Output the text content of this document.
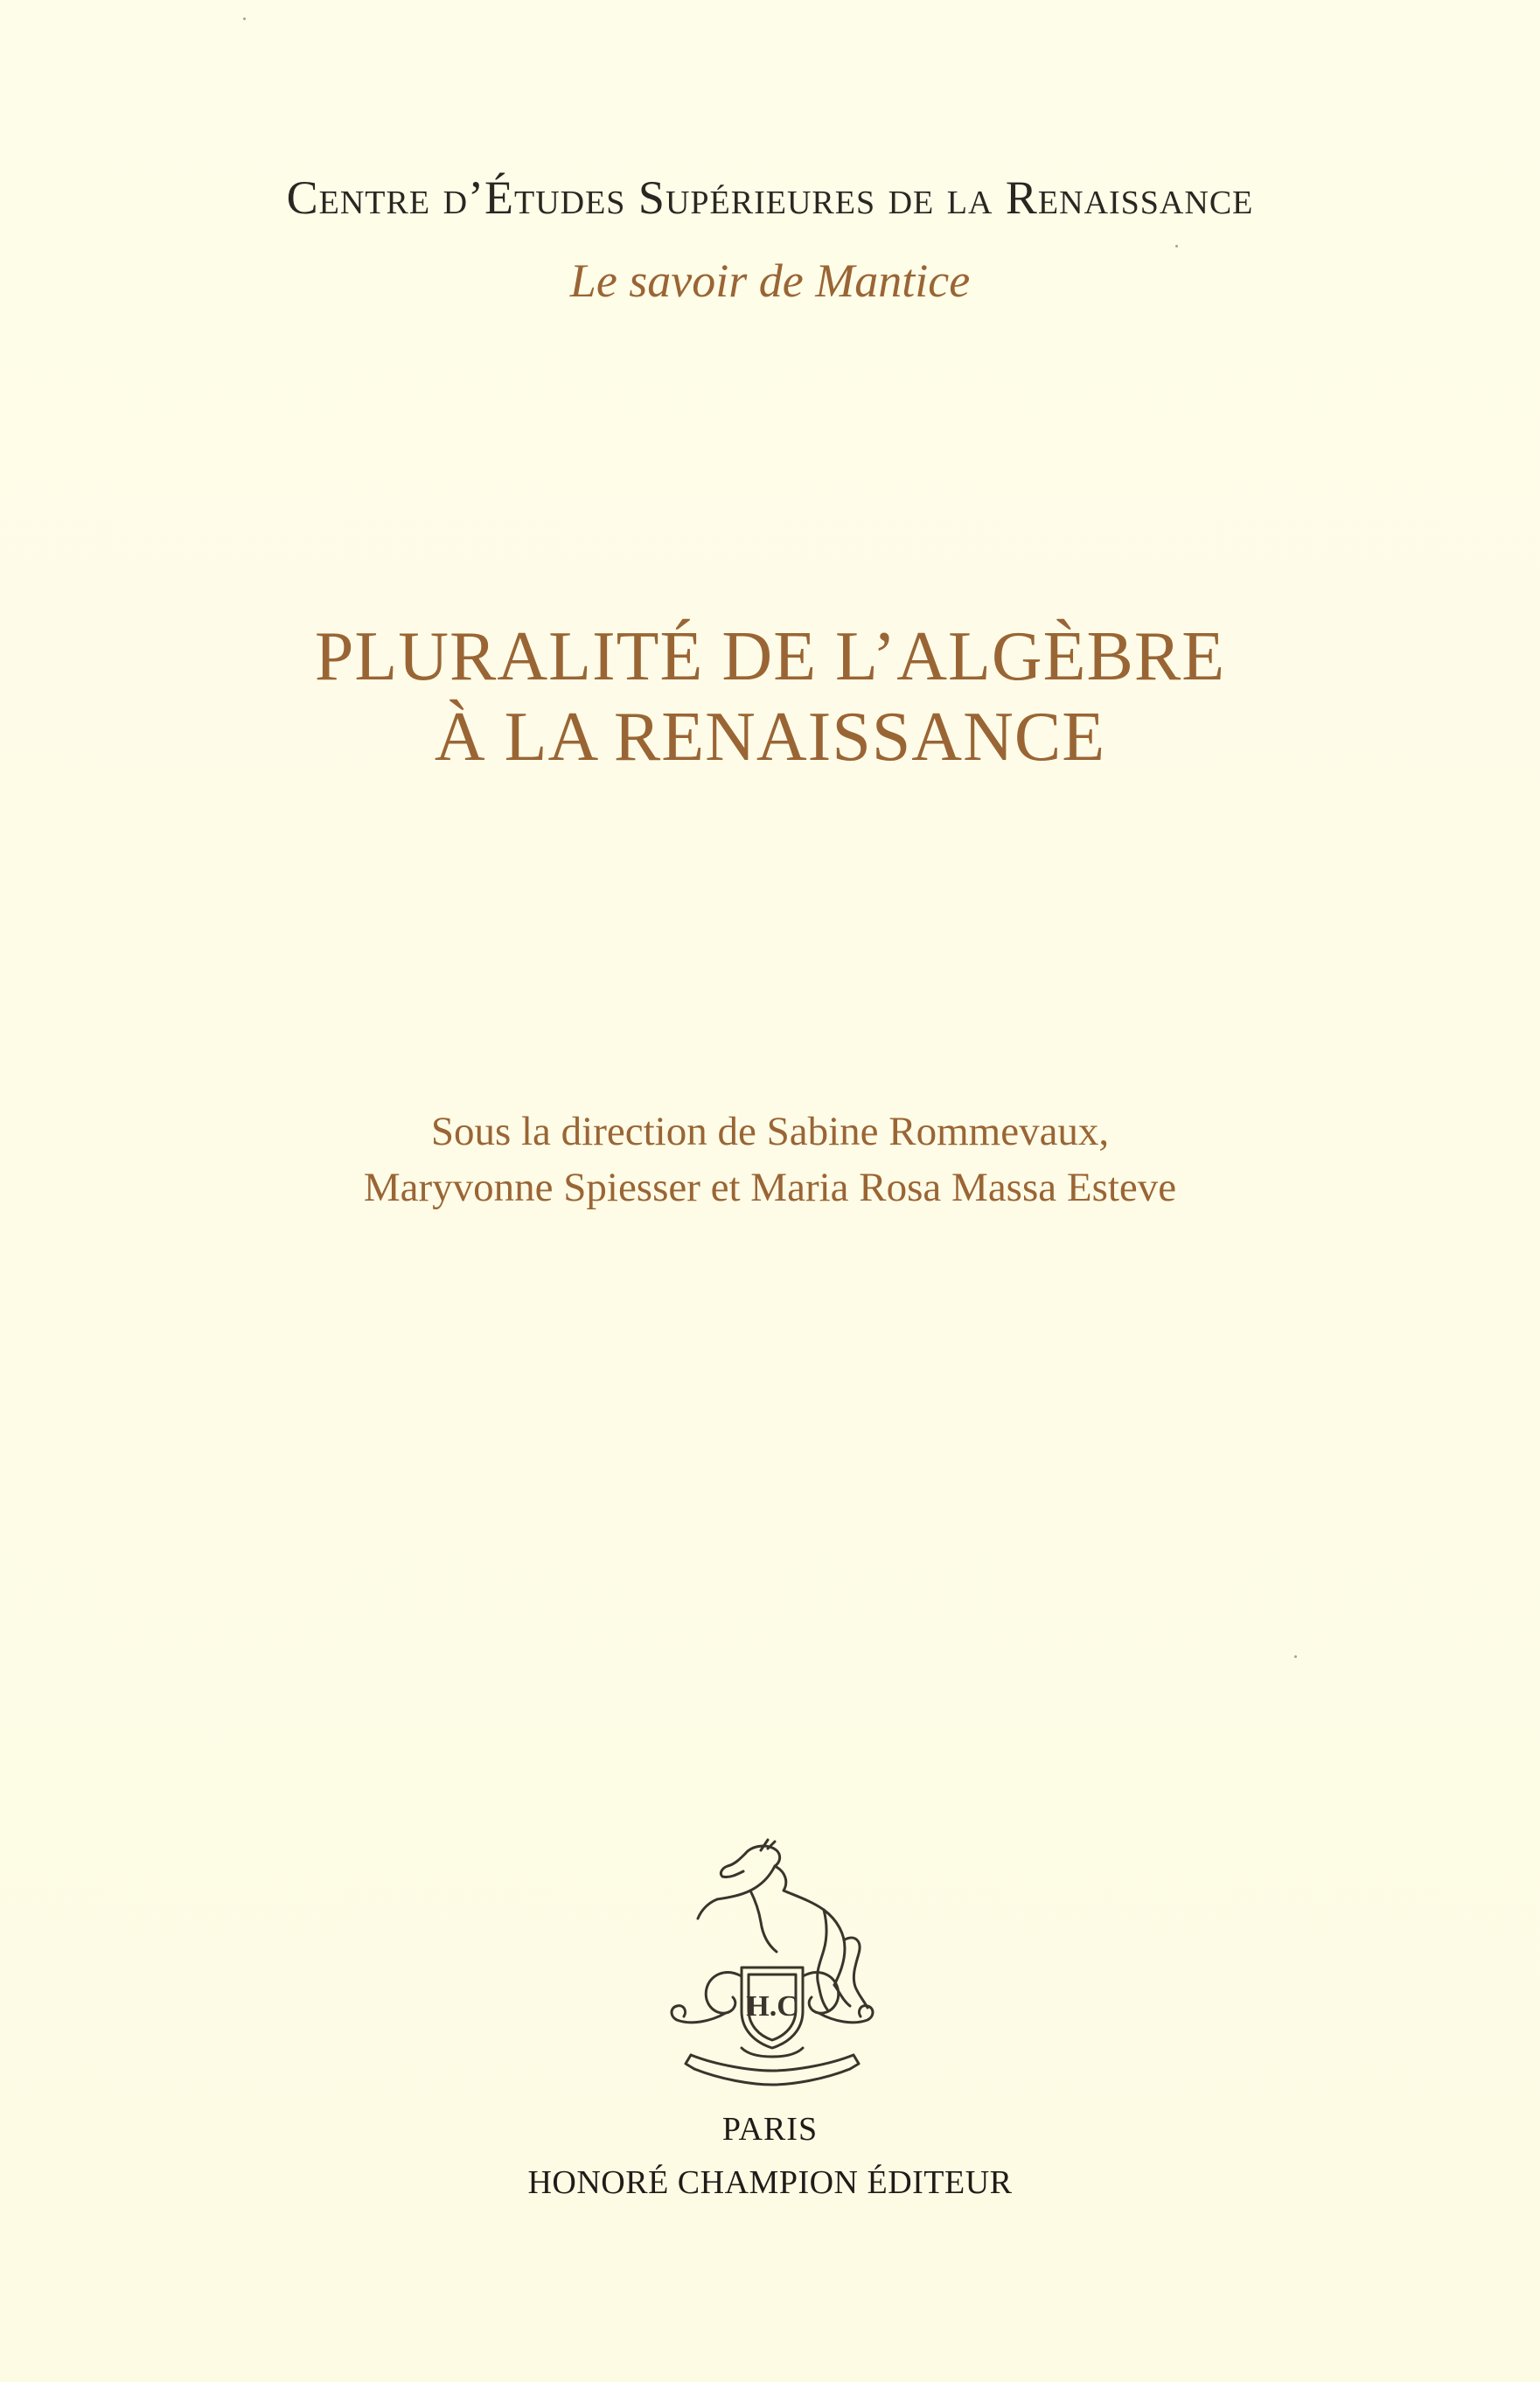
Centre d’Études Supérieures de la Renaissance
Le savoir de Mantice
PLURALITÉ DE L’ALGÈBRE
À LA RENAISSANCE
Sous la direction de Sabine Rommevaux,
Maryvonne Spiesser et Maria Rosa Massa Esteve
H.C
PARIS
HONORÉ CHAMPION ÉDITEUR
